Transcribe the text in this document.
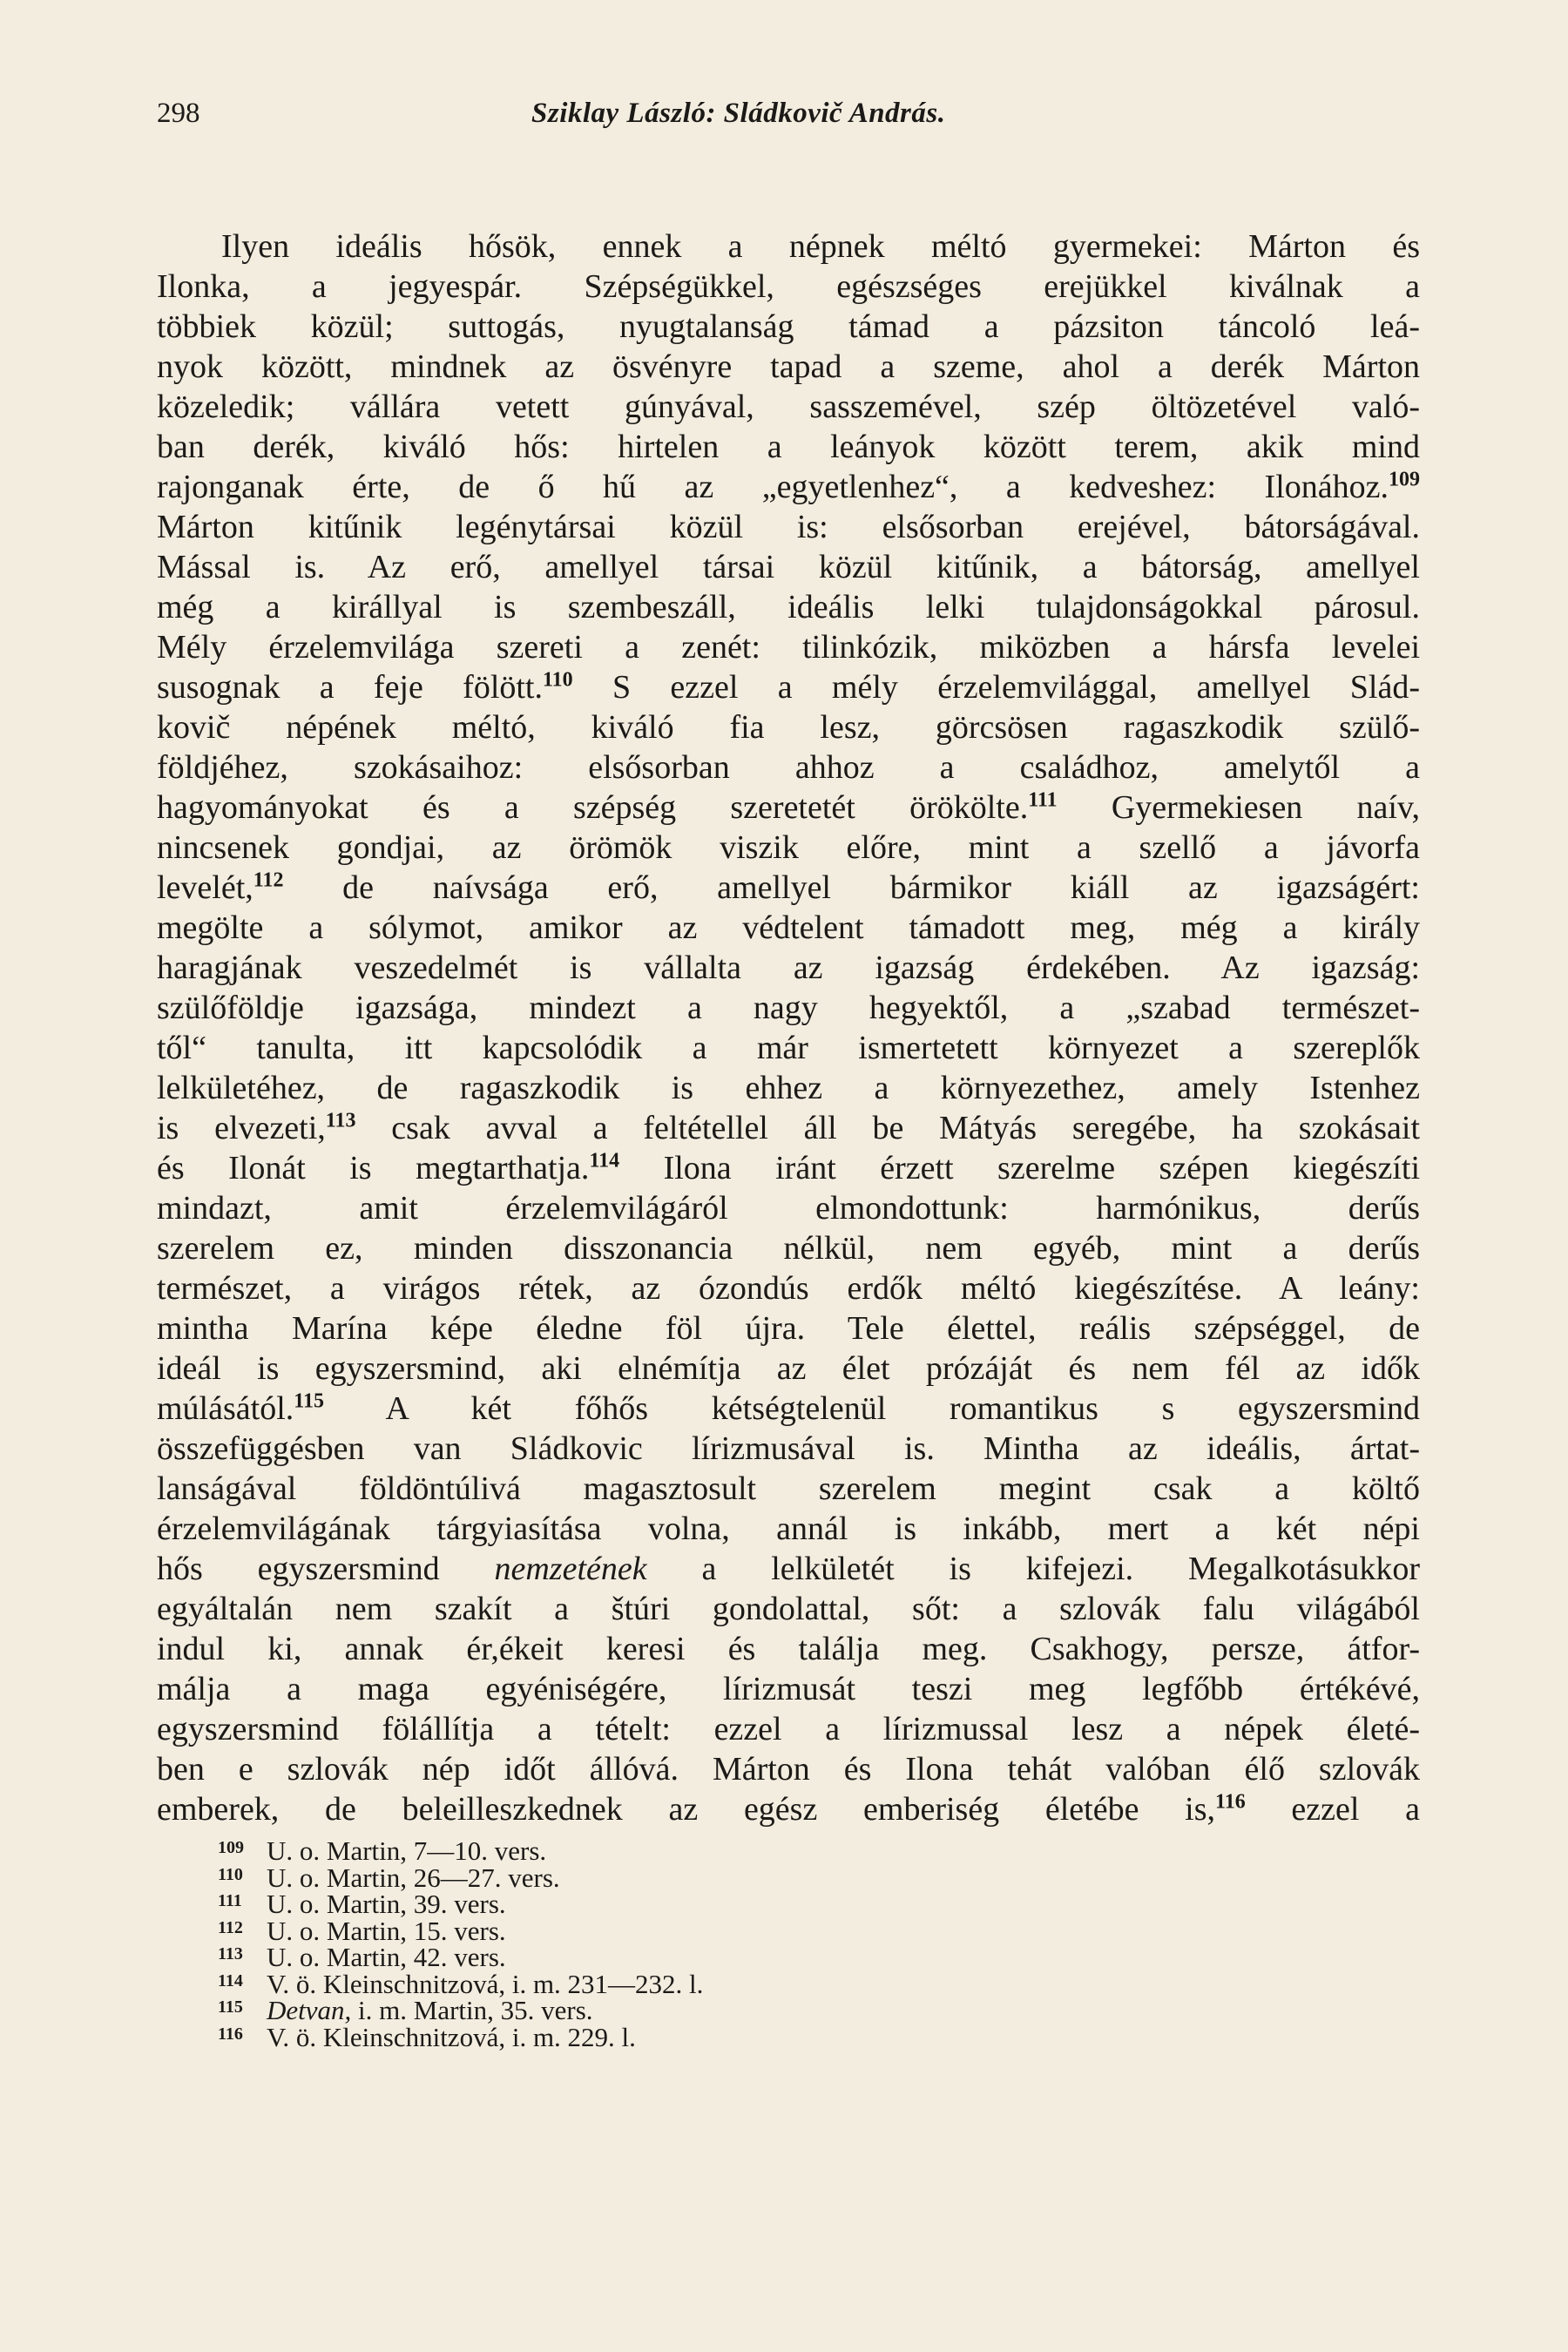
298	Sziklay László: Sládkovič András.
Ilyen ideális hősök, ennek a népnek méltó gyermekei: Márton és
Ilonka, a jegyespár. Szépségükkel, egészséges erejükkel kiválnak a
többiek közül; suttogás, nyugtalanság támad a pázsiton táncoló leá-
nyok között, mindnek az ösvényre tapad a szeme, ahol a derék Márton
közeledik; vállára vetett gúnyával, sasszemével, szép öltözetével való-
ban derék, kiváló hős: hirtelen a leányok között terem, akik mind
rajonganak érte, de ő hű az „egyetlenhez“, a kedveshez: Ilonához.$^{109}$
Márton kitűnik legénytársai közül is: elsősorban erejével, bátorságával.
Mással is. Az erő, amellyel társai közül kitűnik, a bátorság, amellyel
még a királlyal is szembeszáll, ideális lelki tulajdonságokkal párosul.
Mély érzelemvilága szereti a zenét: tilinkózik, miközben a hársfa levelei
susognak a feje fölött.$^{110}$ S ezzel a mély érzelemvilággal, amellyel Slád-
kovič népének méltó, kiváló fia lesz, görcsösen ragaszkodik szülő-
földjéhez, szokásaihoz: elsősorban ahhoz a családhoz, amelytől a
hagyományokat és a szépség szeretetét örökölte.$^{111}$ Gyermekiesen naív,
nincsenek gondjai, az örömök viszik előre, mint a szellő a jávorfa
levelét,$^{112}$ de naívsága erő, amellyel bármikor kiáll az igazságért:
megölte a sólymot, amikor az védtelent támadott meg, még a király
haragjának veszedelmét is vállalta az igazság érdekében. Az igazság:
szülőföldje igazsága, mindezt a nagy hegyektől, a „szabad természet-
től“ tanulta, itt kapcsolódik a már ismertetett környezet a szereplők
lelkületéhez, de ragaszkodik is ehhez a környezethez, amely Istenhez
is elvezeti,$^{113}$ csak avval a feltétellel áll be Mátyás seregébe, ha szokásait
és Ilonát is megtarthatja.$^{114}$ Ilona iránt érzett szerelme szépen kiegészíti
mindazt, amit érzelemvilágáról elmondottunk: harmónikus, derűs
szerelem ez, minden disszonancia nélkül, nem egyéb, mint a derűs
természet, a virágos rétek, az ózondús erdők méltó kiegészítése. A leány:
mintha Marína képe éledne föl újra. Tele élettel, reális szépséggel, de
ideál is egyszersmind, aki elnémítja az élet prózáját és nem fél az idők
múlásától.$^{115}$ A két főhős kétségtelenül romantikus s egyszersmind
összefüggésben van Sládkovic lírizmusával is. Mintha az ideális, ártat-
lanságával földöntúlivá magasztosult szerelem megint csak a költő
érzelemvilágának tárgyiasítása volna, annál is inkább, mert a két népi
hős egyszersmind nemzetének a lelkületét is kifejezi. Megalkotásukkor
egyáltalán nem szakít a štúri gondolattal, sőt: a szlovák falu világából
indul ki, annak ér,ékeit keresi és találja meg. Csakhogy, persze, átfor-
málja a maga egyéniségére, lírizmusát teszi meg legfőbb értékévé,
egyszersmind fölállítja a tételt: ezzel a lírizmussal lesz a népek életé-
ben e szlovák nép időt állóvá. Márton és Ilona tehát valóban élő szlovák
emberek, de beleilleszkednek az egész emberiség életébe is,$^{116}$ ezzel a
109 U. o. Martin, 7—10. vers.
110 U. o. Martin, 26—27. vers.
111 U. o. Martin, 39. vers.
112 U. o. Martin, 15. vers.
113 U. o. Martin, 42. vers.
114 V. ö. Kleinschnitzová, i. m. 231—232. l.
115 Detvan, i. m. Martin, 35. vers.
116 V. ö. Kleinschnitzová, i. m. 229. l.
